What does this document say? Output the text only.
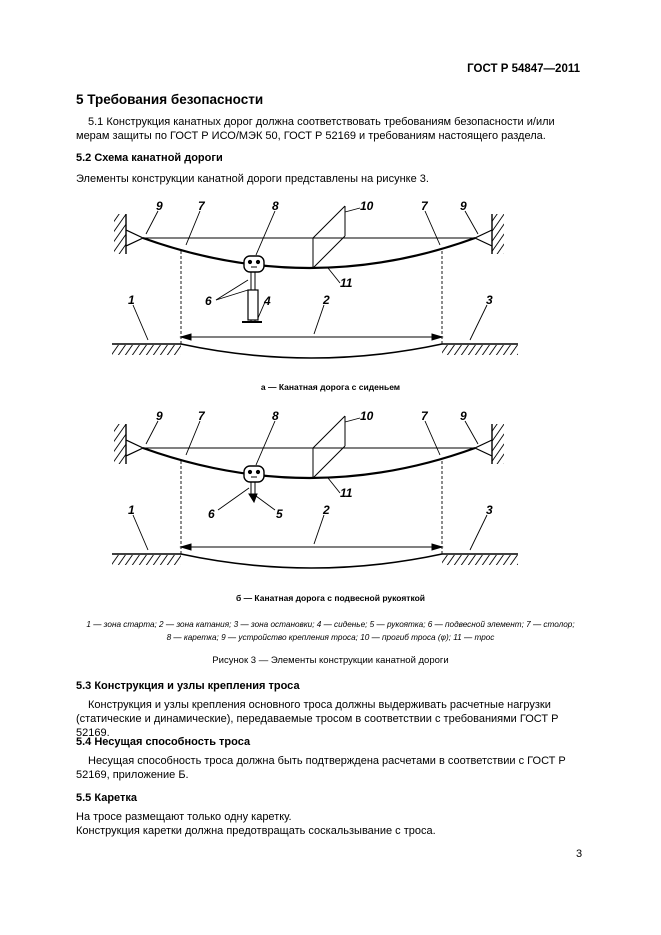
ГОСТ Р 54847—2011
5 Требования безопасности
5.1 Конструкция канатных дорог должна соответствовать требованиям безопасности и/или мерам защиты по ГОСТ Р ИСО/МЭК 50, ГОСТ Р 52169 и требованиям настоящего раздела.
5.2 Схема канатной дороги
Элементы конструкции канатной дороги представлены на рисунке 3.
9	7	8	10	7	9
11
6	4
1	2	3
9	7	8	10	7	9
11
6	5
1	2	3
а — Канатная дорога с сиденьем
б — Канатная дорога с подвесной рукояткой
1 — зона старта; 2 — зона катания; 3 — зона остановки; 4 — сиденье; 5 — рукоятка; 6 — подвесной элемент; 7 — столор;
8 — каретка; 9 — устройство крепления троса; 10 — прогиб троса (φ); 11 — трос
Рисунок 3 — Элементы конструкции канатной дороги
5.3 Конструкция и узлы крепления троса
Конструкция и узлы крепления основного троса должны выдерживать расчетные нагрузки (статические и динамические), передаваемые тросом в соответствии с требованиями ГОСТ Р 52169.
5.4 Несущая способность троса
Несущая способность троса должна быть подтверждена расчетами в соответствии с ГОСТ Р 52169, приложение Б.
5.5 Каретка
На тросе размещают только одну каретку.
Конструкция каретки должна предотвращать соскальзывание с троса.
3
